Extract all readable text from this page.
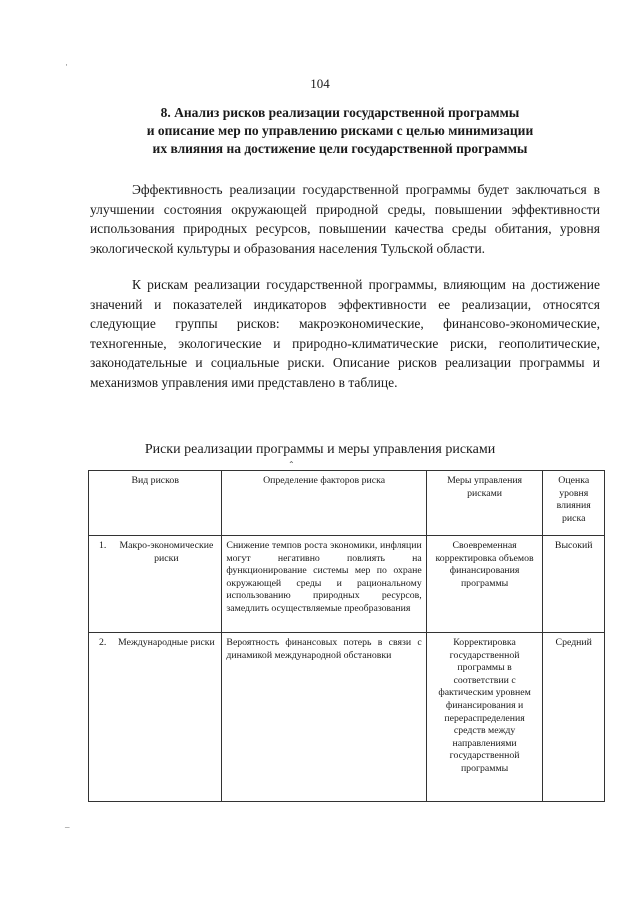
104
8. Анализ рисков реализации государственной программы
и описание мер по управлению рисками с целью минимизации
их влияния на достижение цели государственной программы

Эффективность реализации государственной программы будет заключаться в улучшении состояния окружающей природной среды, повышении эффективности использования природных ресурсов, повышении качества среды обитания, уровня экологической культуры и образования населения Тульской области.

К рискам реализации государственной программы, влияющим на достижение значений и показателей индикаторов эффективности ее реализации, относятся следующие группы рисков: макроэкономические, финансово-экономические, техногенные, экологические и природно-климатические риски, геополитические, законодательные и социальные риски. Описание рисков реализации программы и механизмов управления ими представлено в таблице.

Риски реализации программы и меры управления рисками
⌃
Вид рисков		Определение факторов риска	Меры управления рисками	Оценка уровня влияния риска
1.	Макро-экономические риски	Снижение темпов роста экономики, инфляции могут негативно повлиять на функционирование системы мер по охране окружающей среды и рациональному использованию природных ресурсов, замедлить осуществляемые преобразования	Своевременная корректировка объемов финансирования программы	Высокий
2.	Международные риски	Вероятность финансовых потерь в связи с динамикой международной обстановки	Корректировка государственной программы в соответствии с фактическим уровнем финансирования и перераспределения средств между направлениями государственной программы	Средний
·
–
